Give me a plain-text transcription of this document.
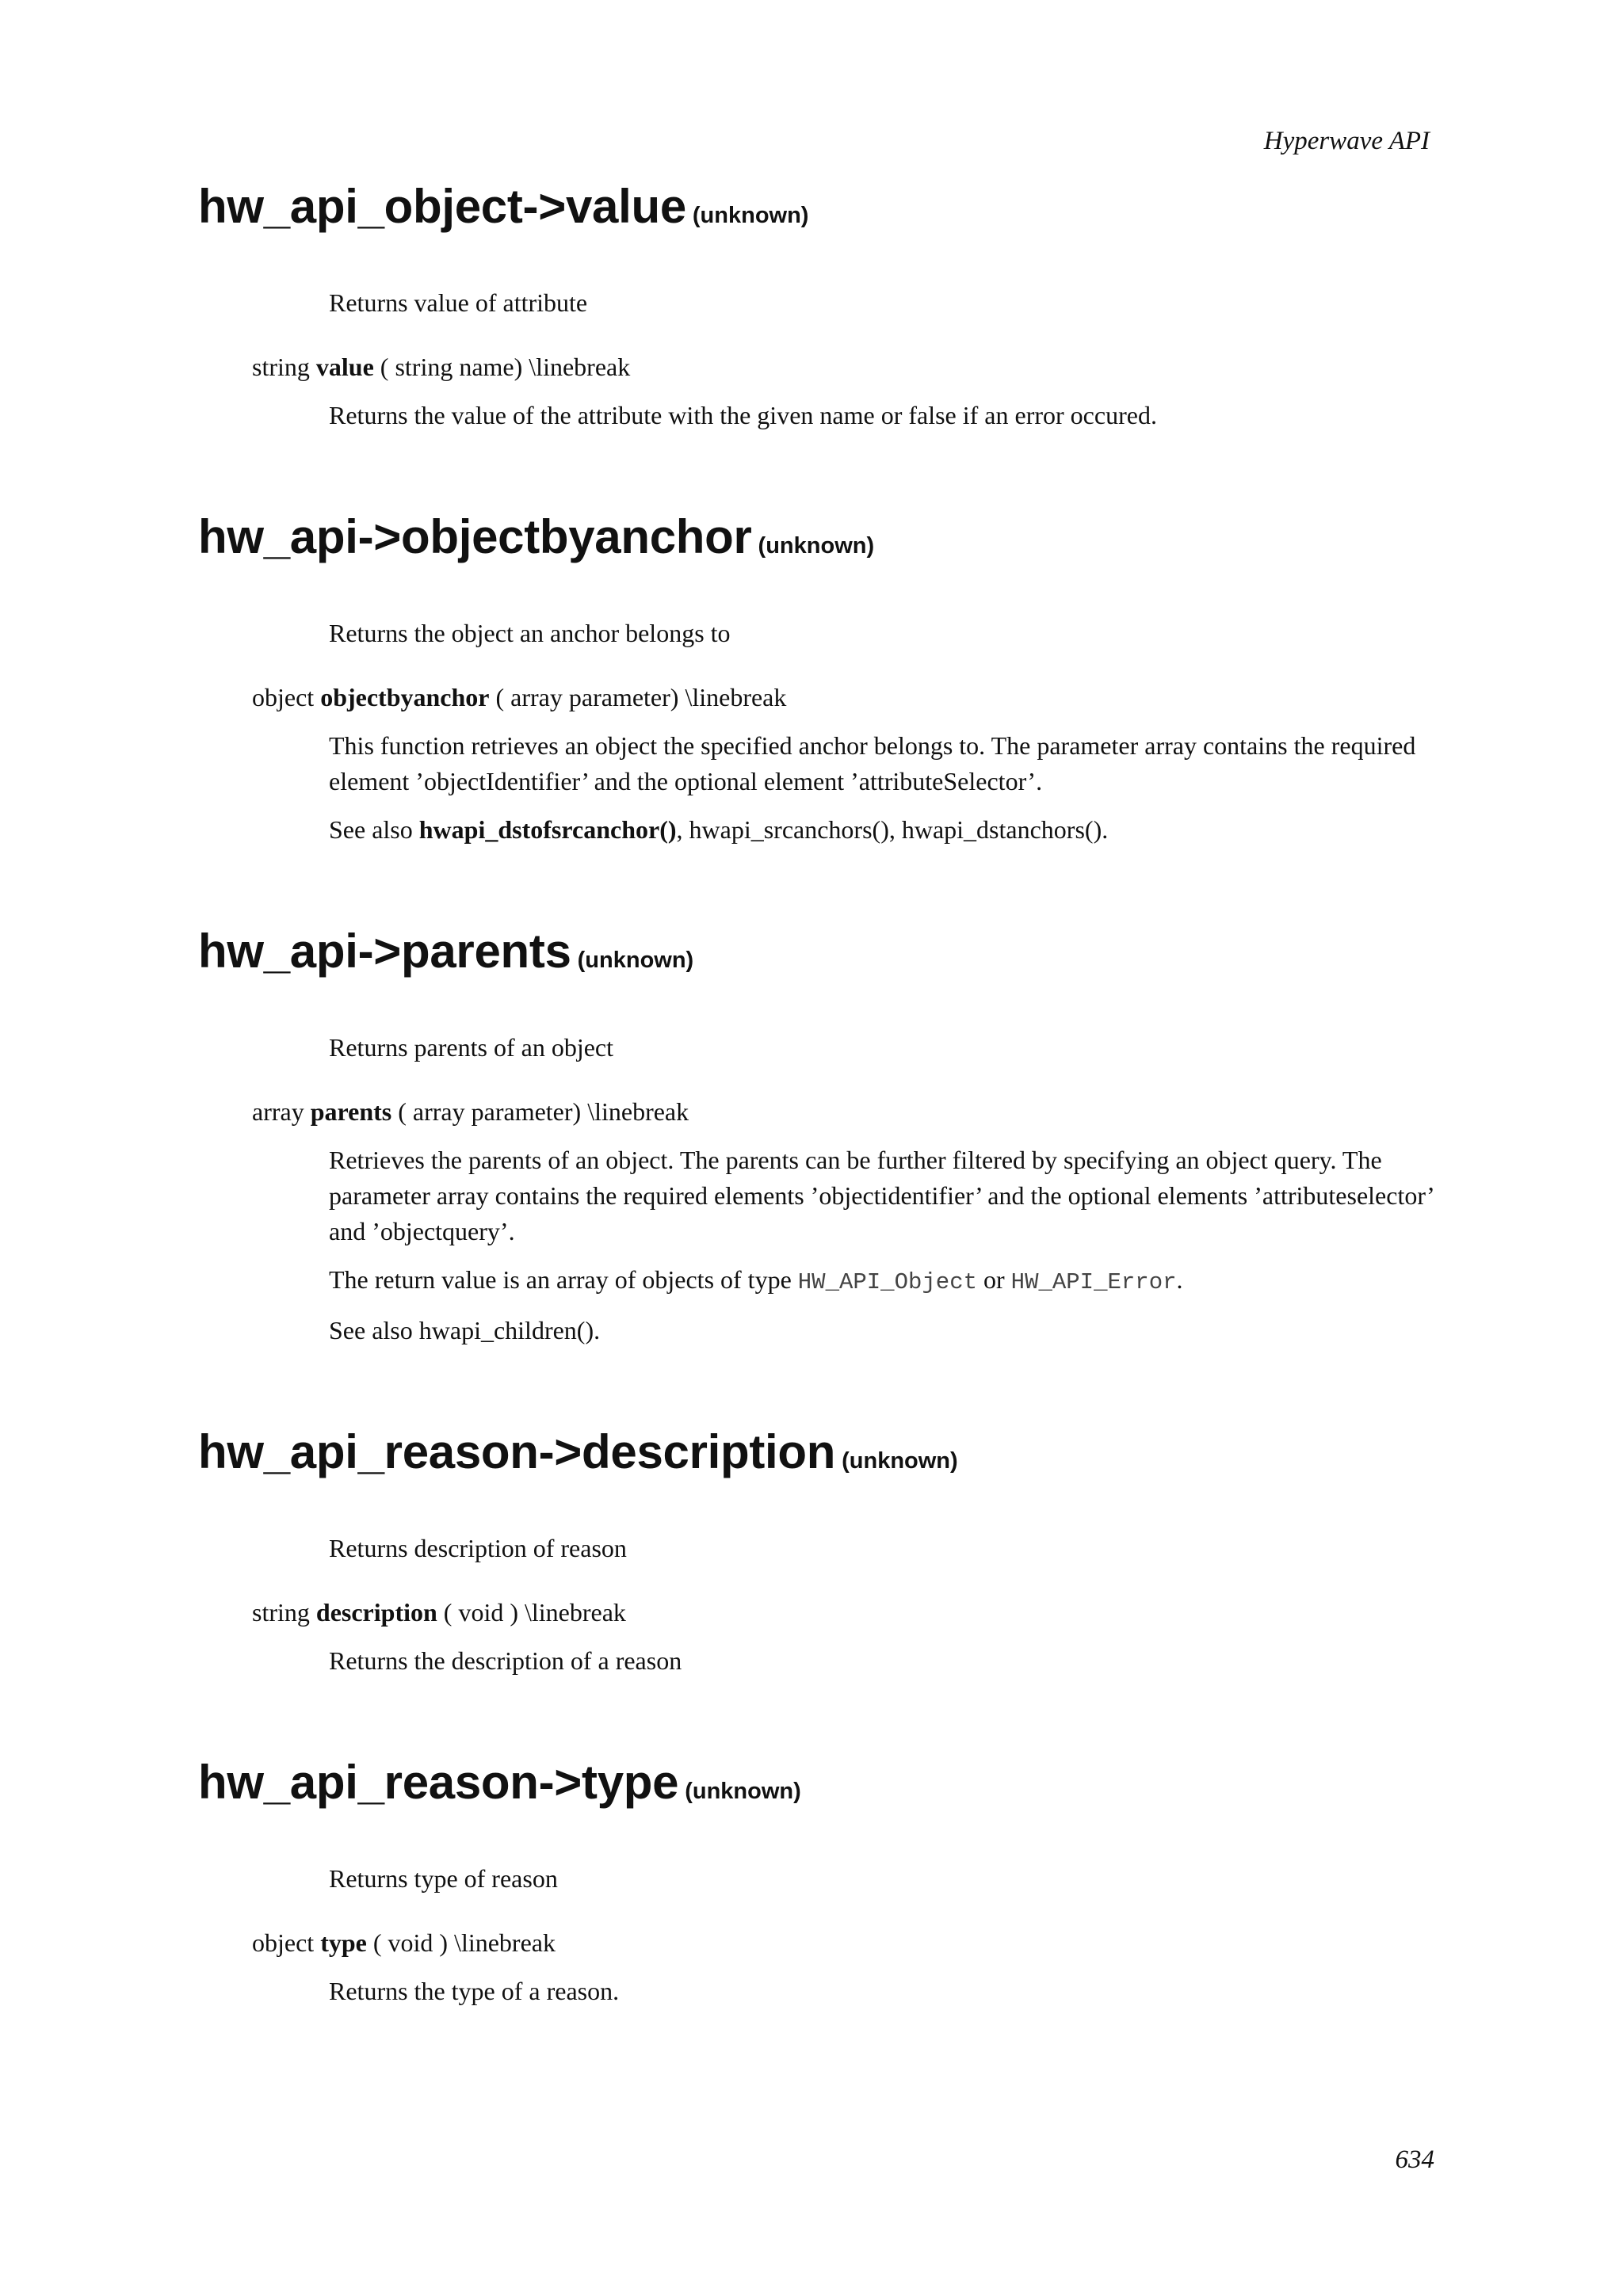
Hyperwave API
hw_api_object->value (unknown)
Returns value of attribute
string value ( string name) \linebreak

Returns the value of the attribute with the given name or false if an error occured.

hw_api->objectbyanchor (unknown)
Returns the object an anchor belongs to
object objectbyanchor ( array parameter) \linebreak

This function retrieves an object the specified anchor belongs to. The parameter array contains the required element ’objectIdentifier’ and the optional element ’attributeSelector’.

See also hwapi_dstofsrcanchor(), hwapi_srcanchors(), hwapi_dstanchors().

hw_api->parents (unknown)
Returns parents of an object
array parents ( array parameter) \linebreak

Retrieves the parents of an object. The parents can be further filtered by specifying an object query. The parameter array contains the required elements ’objectidentifier’ and the optional elements ’attributeselector’ and ’objectquery’.

The return value is an array of objects of type HW_API_Object or HW_API_Error.

See also hwapi_children().

hw_api_reason->description (unknown)
Returns description of reason
string description ( void ) \linebreak

Returns the description of a reason

hw_api_reason->type (unknown)
Returns type of reason
object type ( void ) \linebreak

Returns the type of a reason.

634
